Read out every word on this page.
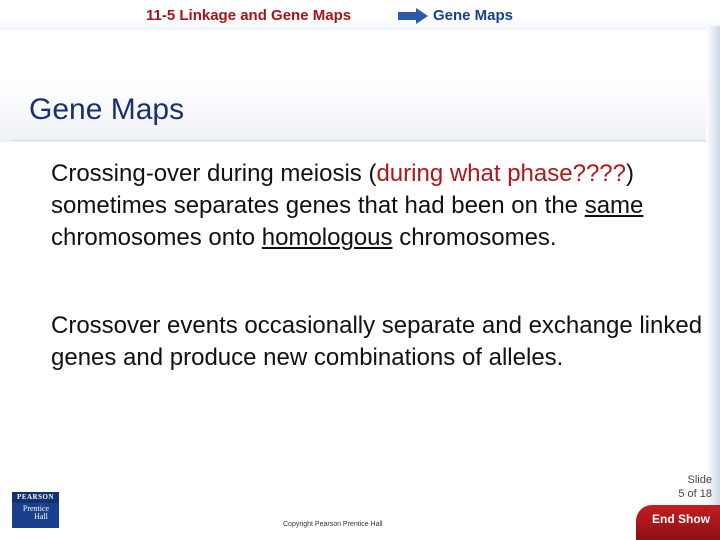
11-5 Linkage and Gene Maps	Gene Maps
Gene Maps

Crossing-over during meiosis (during what phase????) sometimes separates genes that had been on the same chromosomes onto homologous chromosomes.

Crossover events occasionally separate and exchange linked genes and produce new combinations of alleles.

Slide
5 of 18
PEARSON
Prentice
Hall
Copyright Pearson Prentice Hall	End Show
